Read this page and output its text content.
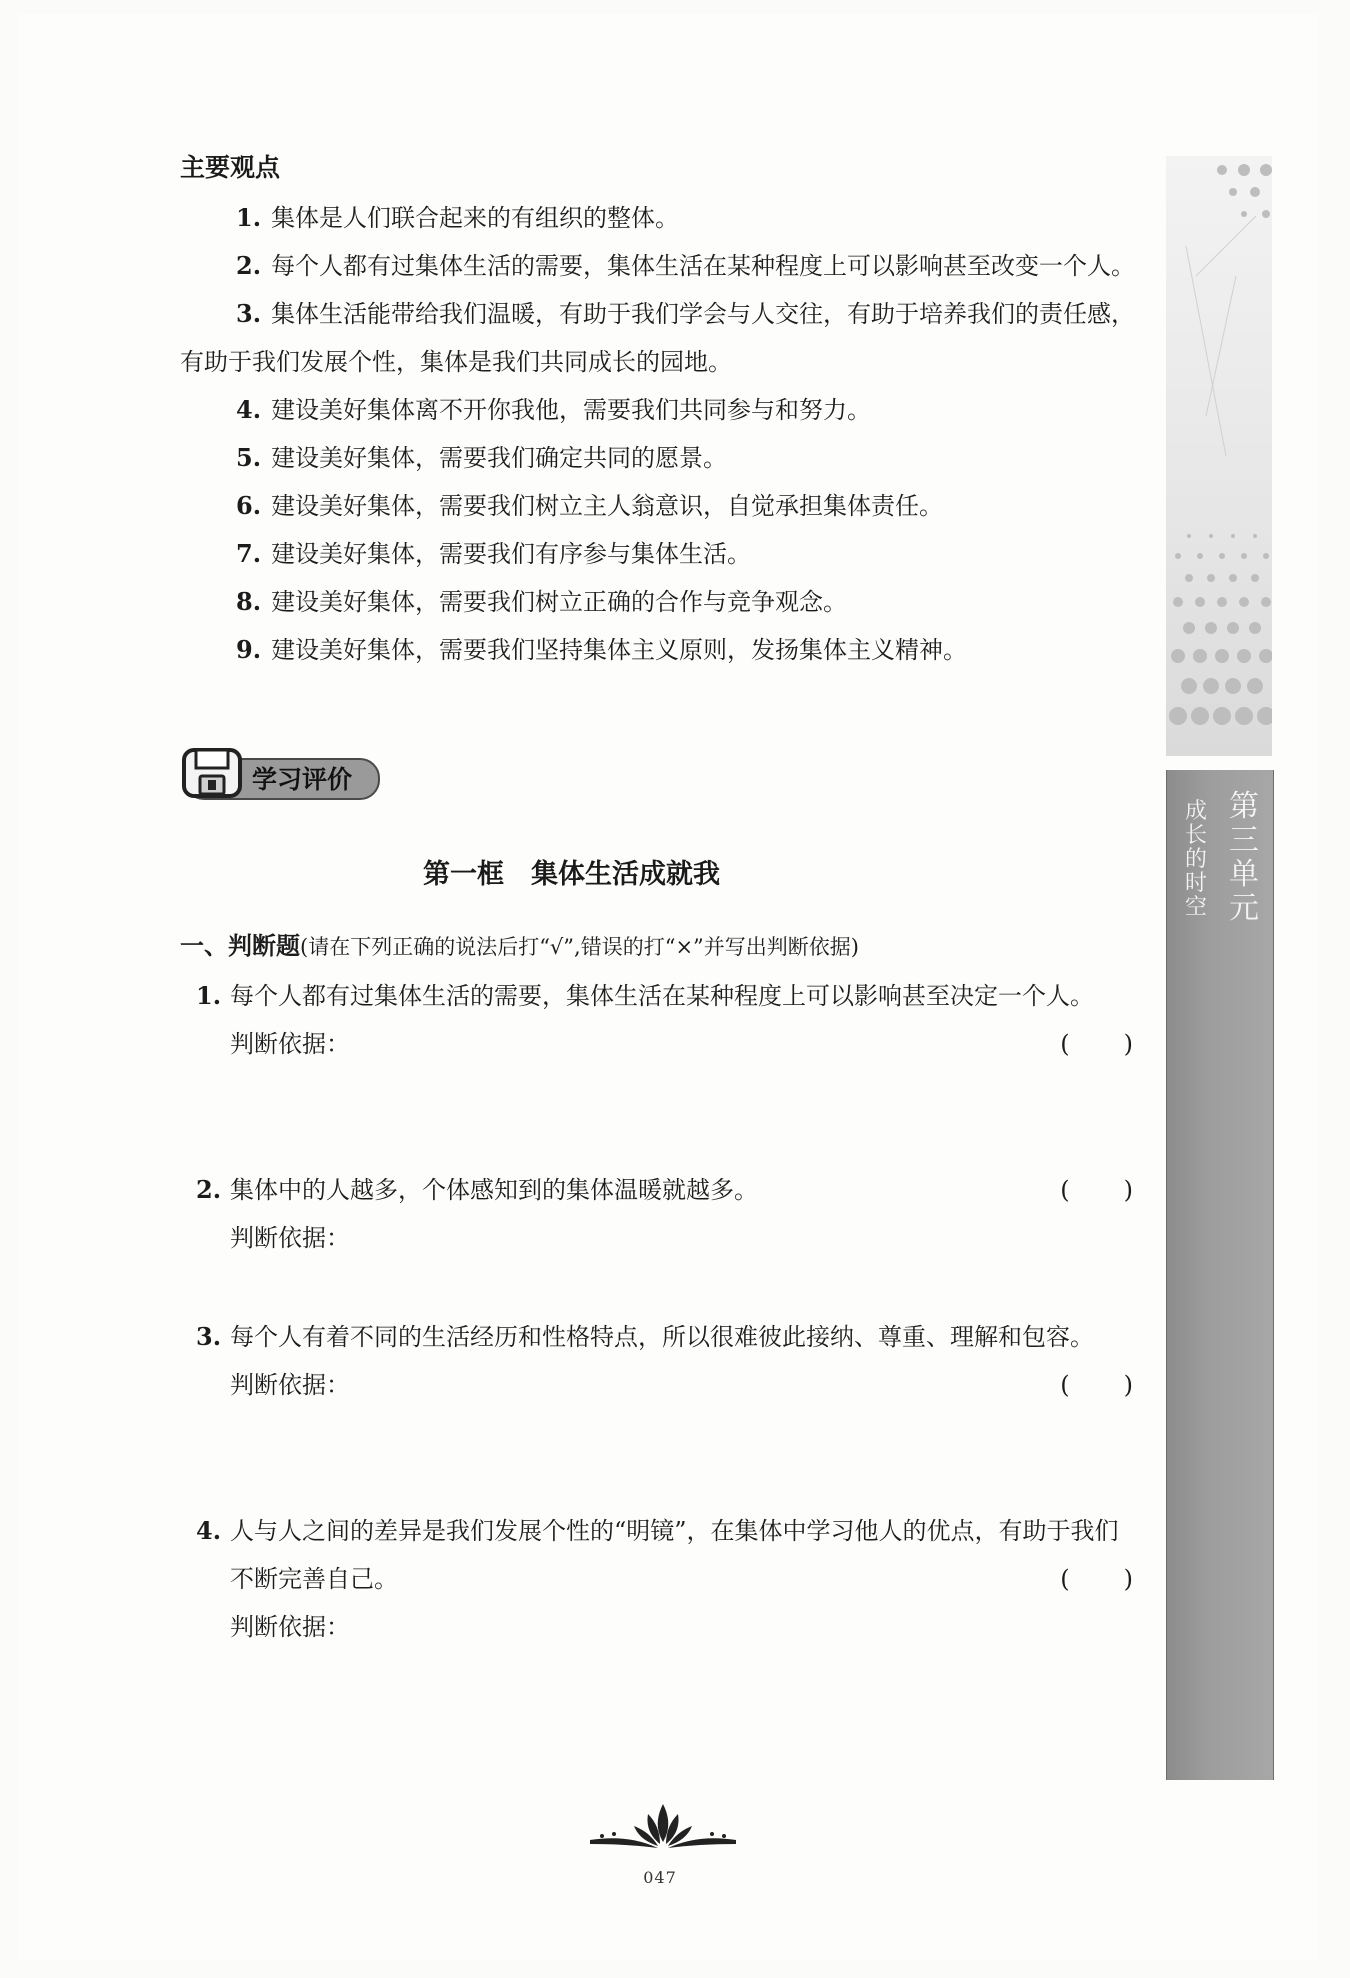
主要观点

1. 集体是人们联合起来的有组织的整体。

2. 每个人都有过集体生活的需要，集体生活在某种程度上可以影响甚至改变一个人。

3. 集体生活能带给我们温暖，有助于我们学会与人交往，有助于培养我们的责任感，有助于我们发展个性，集体是我们共同成长的园地。

4. 建设美好集体离不开你我他，需要我们共同参与和努力。

5. 建设美好集体，需要我们确定共同的愿景。

6. 建设美好集体，需要我们树立主人翁意识，自觉承担集体责任。

7. 建设美好集体，需要我们有序参与集体生活。

8. 建设美好集体，需要我们树立正确的合作与竞争观念。

9. 建设美好集体，需要我们坚持集体主义原则，发扬集体主义精神。

学习评价
第一框　集体生活成就我
一、判断题(请在下列正确的说法后打“√”,错误的打“×”并写出判断依据)
1. 每个人都有过集体生活的需要，集体生活在某种程度上可以影响甚至决定一个人。
(　　)
判断依据：
2. 集体中的人越多，个体感知到的集体温暖就越多。	(　　)
判断依据：
3. 每个人有着不同的生活经历和性格特点，所以很难彼此接纳、尊重、理解和包容。
(　　)
判断依据：
4. 人与人之间的差异是我们发展个性的“明镜”，在集体中学习他人的优点，有助于我们不断完善自己。	(　　)
判断依据：
第
三
单
元
成
长
的
时
空
047
